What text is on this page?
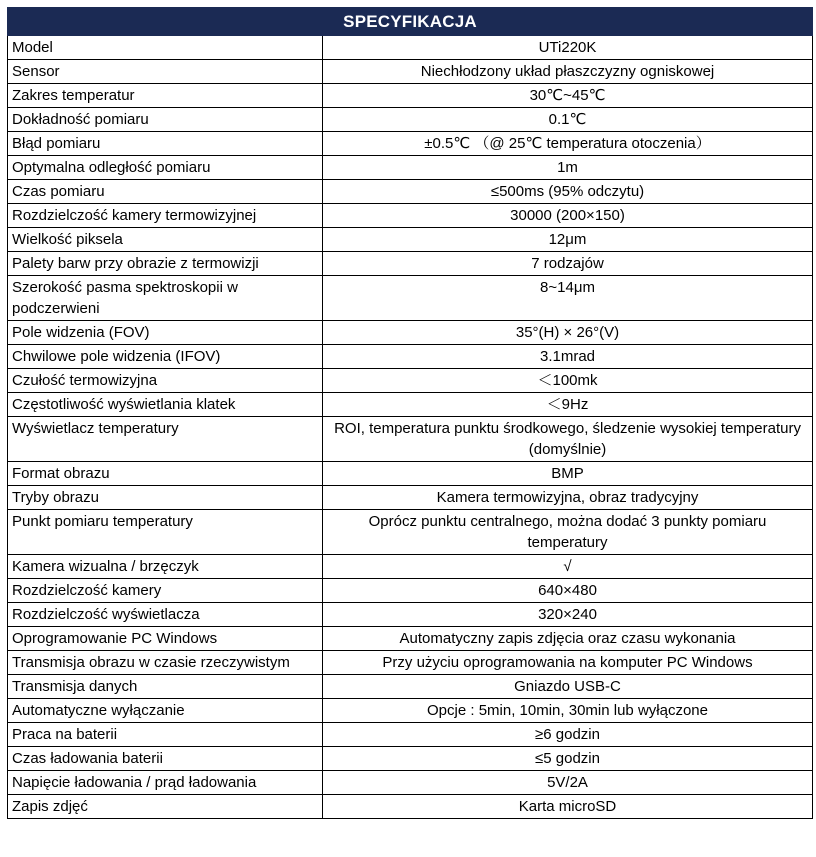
SPECYFIKACJA	
Model	UTi220K
Sensor	Niechłodzony układ płaszczyzny ogniskowej
Zakres temperatur	30℃~45℃
Dokładność pomiaru	0.1℃
Błąd pomiaru	±0.5℃ （@ 25℃ temperatura otoczenia）
Optymalna odległość pomiaru	1m
Czas pomiaru	≤500ms (95% odczytu)
Rozdzielczość kamery termowizyjnej	30000 (200×150)
Wielkość piksela	12μm
Palety barw przy obrazie z termowizji	7 rodzajów
Szerokość pasma spektroskopii w podczerwieni	8~14μm
Pole widzenia (FOV)	35°(H) × 26°(V)
Chwilowe pole widzenia (IFOV)	3.1mrad
Czułość termowizyjna	＜100mk
Częstotliwość wyświetlania klatek	＜9Hz
Wyświetlacz temperatury	ROI, temperatura punktu środkowego, śledzenie wysokiej temperatury (domyślnie)
Format obrazu	BMP
Tryby obrazu	Kamera termowizyjna, obraz tradycyjny
Punkt pomiaru temperatury	Oprócz punktu centralnego, można dodać 3 punkty pomiaru temperatury
Kamera wizualna / brzęczyk	√
Rozdzielczość kamery	640×480
Rozdzielczość wyświetlacza	320×240
Oprogramowanie PC Windows	Automatyczny zapis zdjęcia oraz czasu wykonania
Transmisja obrazu w czasie rzeczywistym	Przy użyciu oprogramowania na komputer PC Windows
Transmisja danych	Gniazdo USB-C
Automatyczne wyłączanie	Opcje : 5min, 10min, 30min lub wyłączone
Praca na baterii	≥6 godzin
Czas ładowania baterii	≤5 godzin
Napięcie ładowania / prąd ładowania	5V/2A
Zapis zdjęć	Karta microSD
